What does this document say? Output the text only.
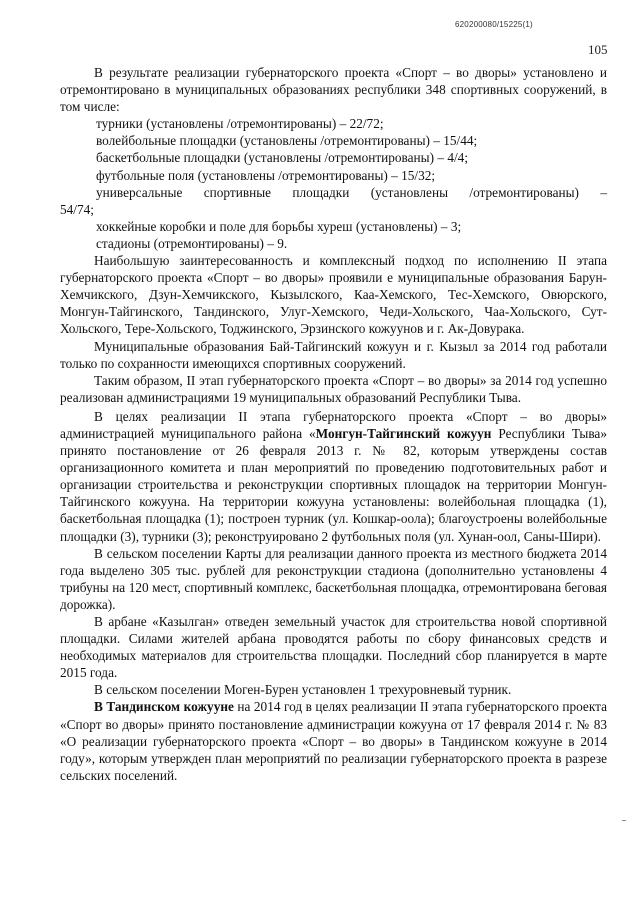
620200080/15225(1)
105

В результате реализации губернаторского проекта «Спорт – во дворы» установлено и отремонтировано в муниципальных образованиях республики 348 спортивных сооружений, в том числе:

турники (установлены /отремонтированы) – 22/72;

волейбольные площадки (установлены /отремонтированы) – 15/44;

баскетбольные площадки (установлены /отремонтированы) – 4/4;

футбольные поля (установлены /отремонтированы) – 15/32;

универсальные спортивные площадки (установлены /отремонтированы) –

54/74;

хоккейные коробки и поле для борьбы хуреш (установлены) – 3;

стадионы (отремонтированы) – 9.

Наибольшую заинтересованность и комплексный подход по исполнению II этапа губернаторского проекта «Спорт – во дворы» проявили е муниципальные образования Барун-Хемчикского, Дзун-Хемчикского, Кызылского, Каа-Хемского, Тес-Хемского, Овюрского, Монгун-Тайгинского, Тандинского, Улуг-Хемского, Чеди-Хольского, Чаа-Хольского, Сут-Хольского, Тере-Хольского, Тоджинского, Эрзинского кожуунов и г. Ак-Довурака.

Муниципальные образования Бай-Тайгинский кожуун и г. Кызыл за 2014 год работали только по сохранности имеющихся спортивных сооружений.

Таким образом, II этап губернаторского проекта «Спорт – во дворы» за 2014 год успешно реализован администрациями 19 муниципальных образований Республики Тыва.

В целях реализации II этапа губернаторского проекта «Спорт – во дворы» администрацией муниципального района «Монгун-Тайгинский кожуун Республики Тыва» принято постановление от 26 февраля 2013 г. № 82, которым утверждены состав организационного комитета и план мероприятий по проведению подготовительных работ и организации строительства и реконструкции спортивных площадок на территории Монгун-Тайгинского кожууна. На территории кожууна установлены: волейбольная площадка (1), баскетбольная площадка (1); построен турник (ул. Кошкар-оола); благоустроены волейбольные площадки (3), турники (3); реконструировано 2 футбольных поля (ул. Хунан-оол, Саны-Шири).

В сельском поселении Карты для реализации данного проекта из местного бюджета 2014 года выделено 305 тыс. рублей для реконструкции стадиона (дополнительно установлены 4 трибуны на 120 мест, спортивный комплекс, баскетбольная площадка, отремонтирована беговая дорожка).

В арбане «Казылган» отведен земельный участок для строительства новой спортивной площадки. Силами жителей арбана проводятся работы по сбору финансовых средств и необходимых материалов для строительства площадки. Последний сбор планируется в марте 2015 года.

В сельском поселении Моген-Бурен установлен 1 трехуровневый турник.

В Тандинском кожууне на 2014 год в целях реализации II этапа губернаторского проекта «Спорт во дворы» принято постановление администрации кожууна от 17 февраля 2014 г. № 83 «О реализации губернаторского проекта «Спорт – во дворы» в Тандинском кожууне в 2014 году», которым утвержден план мероприятий по реализации губернаторского проекта в разрезе сельских поселений.
